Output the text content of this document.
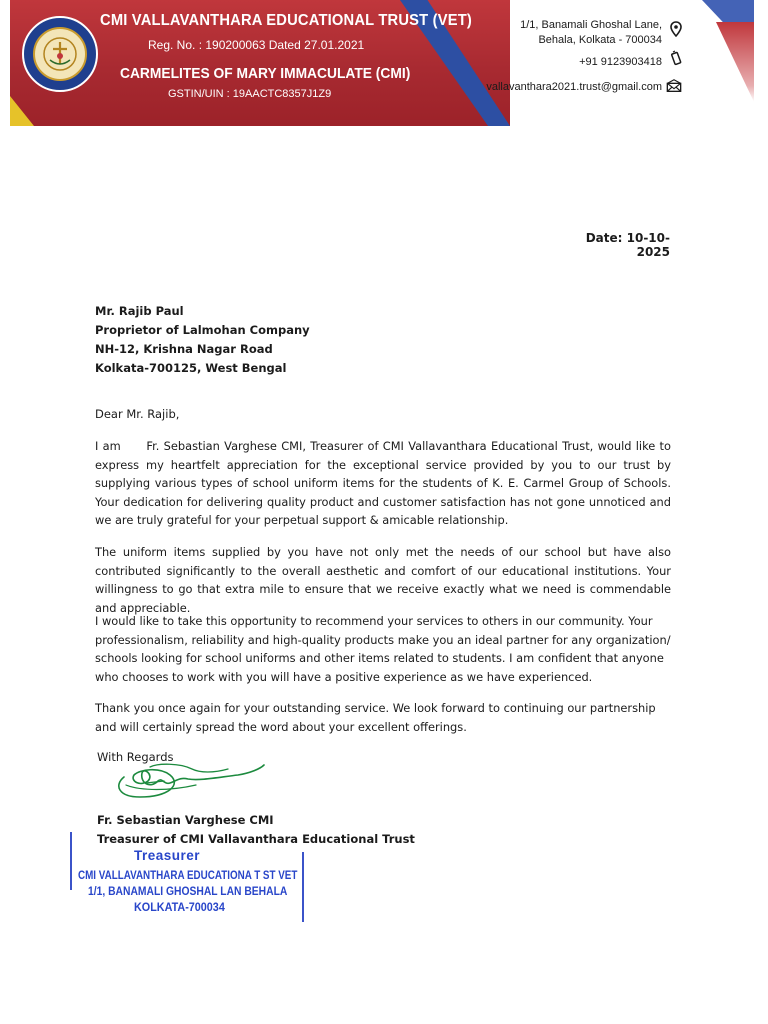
CMI VALLAVANTHARA EDUCATIONAL TRUST (VET)
Reg. No. : 190200063 Dated 27.01.2021
CARMELITES OF MARY IMMACULATE (CMI)
GSTIN/UIN : 19AACTC8357J1Z9
1/1, Banamali Ghoshal Lane,
Behala, Kolkata - 700034
+91 9123903418
vallavanthara2021.trust@gmail.com
Date: 10-10-2025
Mr. Rajib Paul
Proprietor of Lalmohan Company
NH-12, Krishna Nagar Road
Kolkata-700125, West Bengal
Dear Mr. Rajib,

I am      Fr. Sebastian Varghese CMI, Treasurer of CMI Vallavanthara Educational Trust, would like to express my heartfelt appreciation for the exceptional service provided by you to our trust by supplying various types of school uniform items for the students of K. E. Carmel Group of Schools. Your dedication for delivering quality product and customer satisfaction has not gone unnoticed and we are truly grateful for your perpetual support & amicable relationship.

The uniform items supplied by you have not only met the needs of our school but have also contributed significantly to the overall aesthetic and comfort of our educational institutions. Your willingness to go that extra mile to ensure that we receive exactly what we need is commendable and appreciable.

I would like to take this opportunity to recommend your services to others in our community. Your professionalism, reliability and high-quality products make you an ideal partner for any organization/ schools looking for school uniforms and other items related to students. I am confident that anyone who chooses to work with you will have a positive experience as we have experienced.

Thank you once again for your outstanding service. We look forward to continuing our partnership and will certainly spread the word about your excellent offerings.

With Regards
Fr. Sebastian Varghese CMI
Treasurer of CMI Vallavanthara Educational Trust
Treasurer
CMI VALLAVANTHARA EDUCATIONA T ST VET
1/1, BANAMALI GHOSHAL LAN BEHALA
KOLKATA-700034
